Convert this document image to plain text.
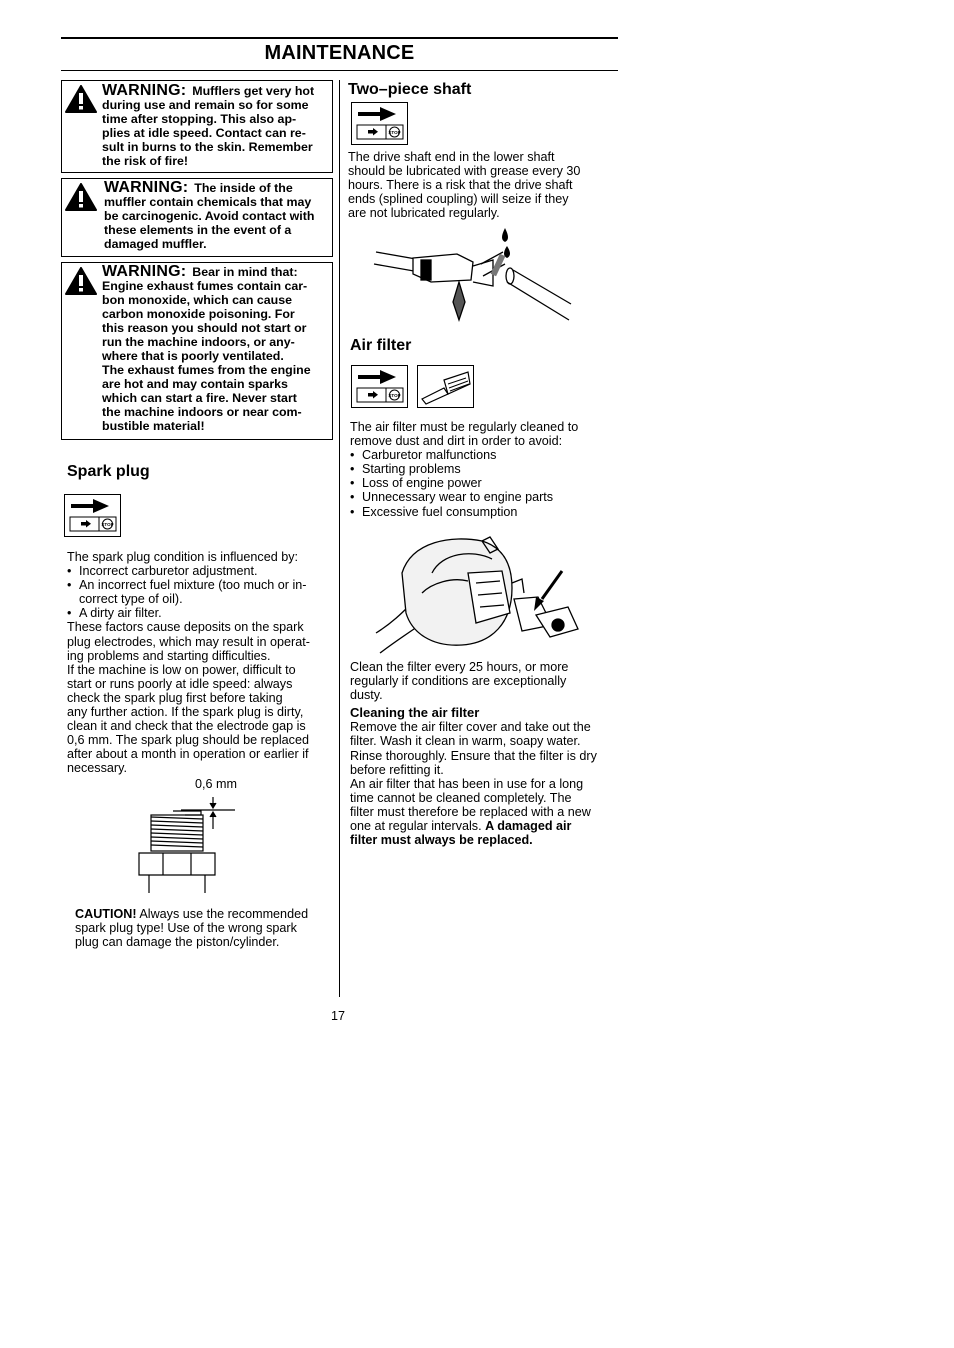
MAINTENANCE
WARNING: Mufflers get very hot
during use and remain so for some
time after stopping. This also ap-
plies at idle speed. Contact can re-
sult in burns to the skin. Remember
the risk of fire!
WARNING: The inside of the
muffler contain chemicals that may
be carcinogenic. Avoid contact with
these elements in the event of a
damaged muffler.
WARNING: Bear in mind that:
Engine exhaust fumes contain car-
bon monoxide, which can cause
carbon monoxide poisoning. For
this reason you should not start or
run the machine indoors, or any-
where that is poorly ventilated.
The exhaust fumes from the engine
are hot and may contain sparks
which can start a fire. Never start
the machine indoors or near com-
bustible material!
Spark plug
STOP

The spark plug condition is influenced by:

• Incorrect carburetor adjustment.
• An incorrect fuel mixture (too much or in-

correct type of oil).

• A dirty air filter.

These factors cause deposits on the spark

plug electrodes, which may result in operat-

ing problems and starting difficulties.

If the machine is low on power, difficult to

start or runs poorly at idle speed: always

check the spark plug first before taking

any further action. If the spark plug is dirty,

clean it and check that the electrode gap is

0,6 mm. The spark plug should be replaced

after about a month in operation or earlier if

necessary.

0,6 mm

CAUTION! Always use the recommended

spark plug type! Use of the wrong spark

plug can damage the piston/cylinder.

Two–piece shaft
STOP

The drive shaft end in the lower shaft

should be lubricated with grease every 30

hours. There is a risk that the drive shaft

ends (splined coupling) will seize if they

are not lubricated regularly.

Air filter
STOP

The air filter must be regularly cleaned to

remove dust and dirt in order to avoid:

• Carburetor malfunctions
• Starting problems
• Loss of engine power
• Unnecessary wear to engine parts
• Excessive fuel consumption

Clean the filter every 25 hours, or more

regularly if conditions are exceptionally

dusty.

Cleaning the air filter

Remove the air filter cover and take out the

filter. Wash it clean in warm, soapy water.

Rinse thoroughly. Ensure that the filter is dry

before refitting it.

An air filter that has been in use for a long

time cannot be cleaned completely. The

filter must therefore be replaced with a new

one at regular intervals. A damaged air

filter must always be replaced.

17
